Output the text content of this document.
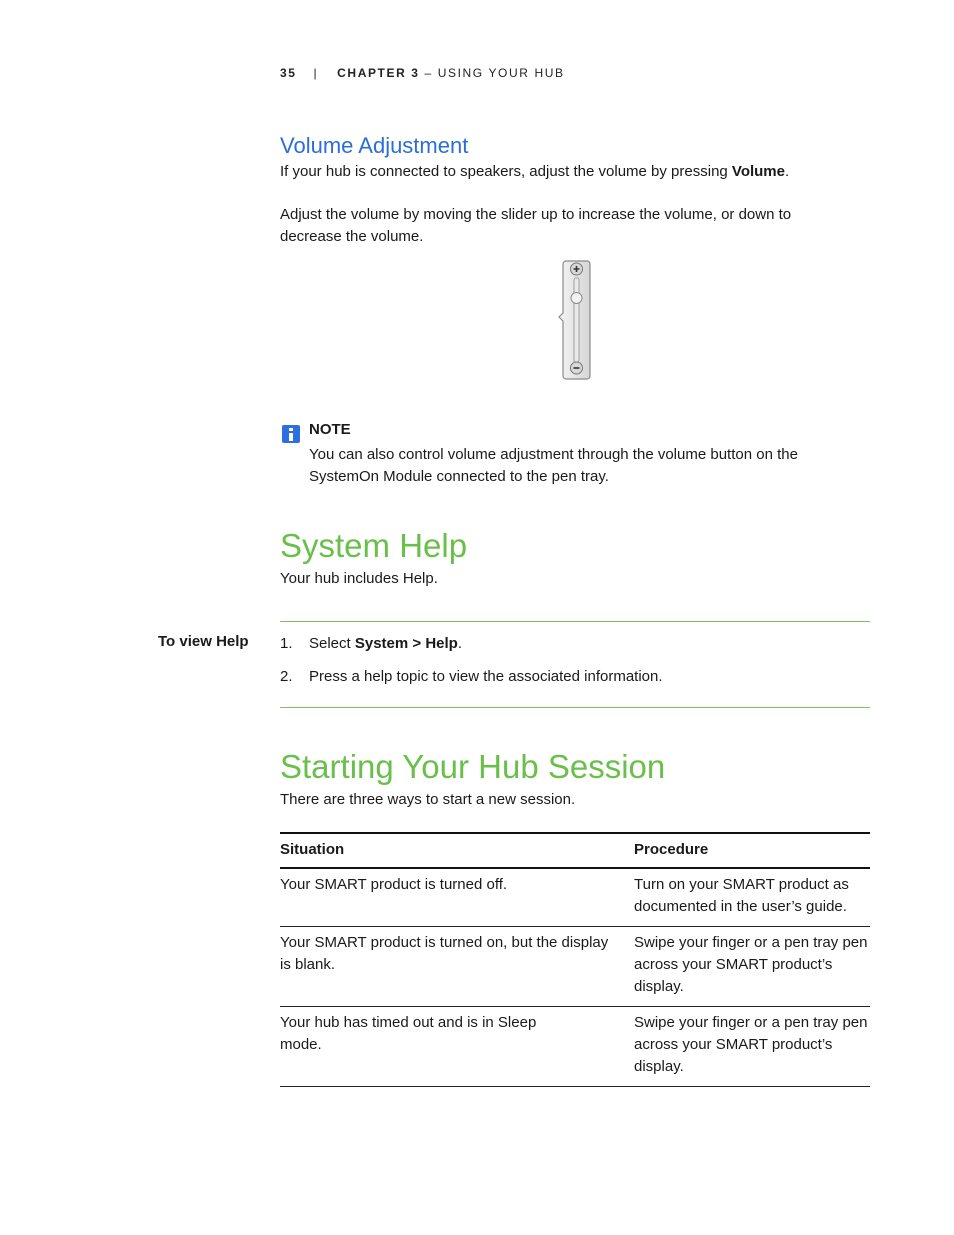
35 | CHAPTER 3 – USING YOUR HUB
Volume Adjustment
If your hub is connected to speakers, adjust the volume by pressing Volume.
Adjust the volume by moving the slider up to increase the volume, or down to decrease the volume.
NOTE
You can also control volume adjustment through the volume button on the SystemOn Module connected to the pen tray.
System Help
Your hub includes Help.
To view Help 1. Select System > Help.
2. Press a help topic to view the associated information.
Starting Your Hub Session
There are three ways to start a new session.
Situation	Procedure
Your SMART product is turned off.	Turn on your SMART product as documented in the user’s guide.
Your SMART product is turned on, but the display is blank.	Swipe your finger or a pen tray pen across your SMART product’s display.
Your hub has timed out and is in Sleep mode.	Swipe your finger or a pen tray pen across your SMART product’s display.
